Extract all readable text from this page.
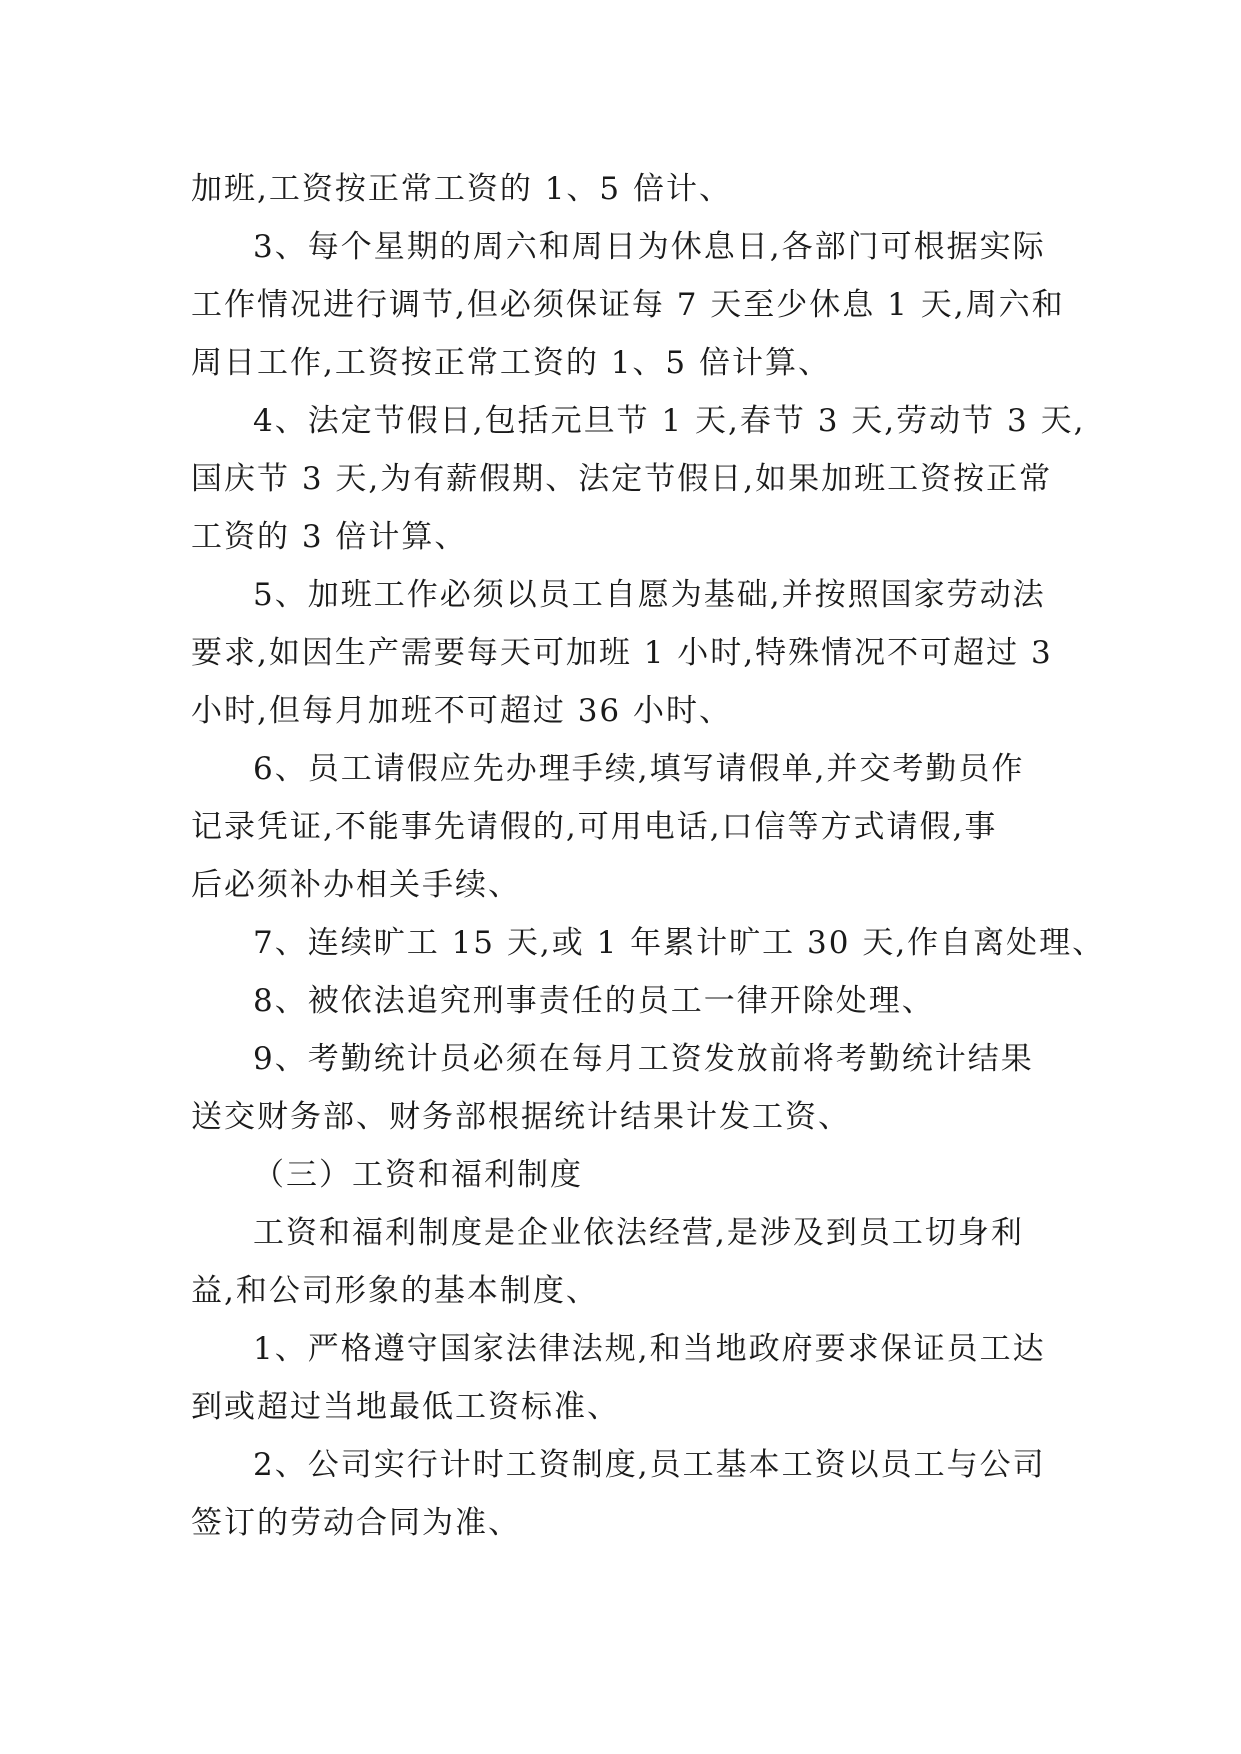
加班,工资按正常工资的 1、5 倍计、
3、每个星期的周六和周日为休息日,各部门可根据实际
工作情况进行调节,但必须保证每 7 天至少休息 1 天,周六和
周日工作,工资按正常工资的 1、5 倍计算、
4、法定节假日,包括元旦节 1 天,春节 3 天,劳动节 3 天,
国庆节 3 天,为有薪假期、法定节假日,如果加班工资按正常
工资的 3 倍计算、
5、加班工作必须以员工自愿为基础,并按照国家劳动法
要求,如因生产需要每天可加班 1 小时,特殊情况不可超过 3
小时,但每月加班不可超过 36 小时、
6、员工请假应先办理手续,填写请假单,并交考勤员作
记录凭证,不能事先请假的,可用电话,口信等方式请假,事
后必须补办相关手续、
7、连续旷工 15 天,或 1 年累计旷工 30 天,作自离处理、
8、被依法追究刑事责任的员工一律开除处理、
9、考勤统计员必须在每月工资发放前将考勤统计结果
送交财务部、财务部根据统计结果计发工资、
（三）工资和福利制度
工资和福利制度是企业依法经营,是涉及到员工切身利
益,和公司形象的基本制度、
1、严格遵守国家法律法规,和当地政府要求保证员工达
到或超过当地最低工资标准、
2、公司实行计时工资制度,员工基本工资以员工与公司
签订的劳动合同为准、
